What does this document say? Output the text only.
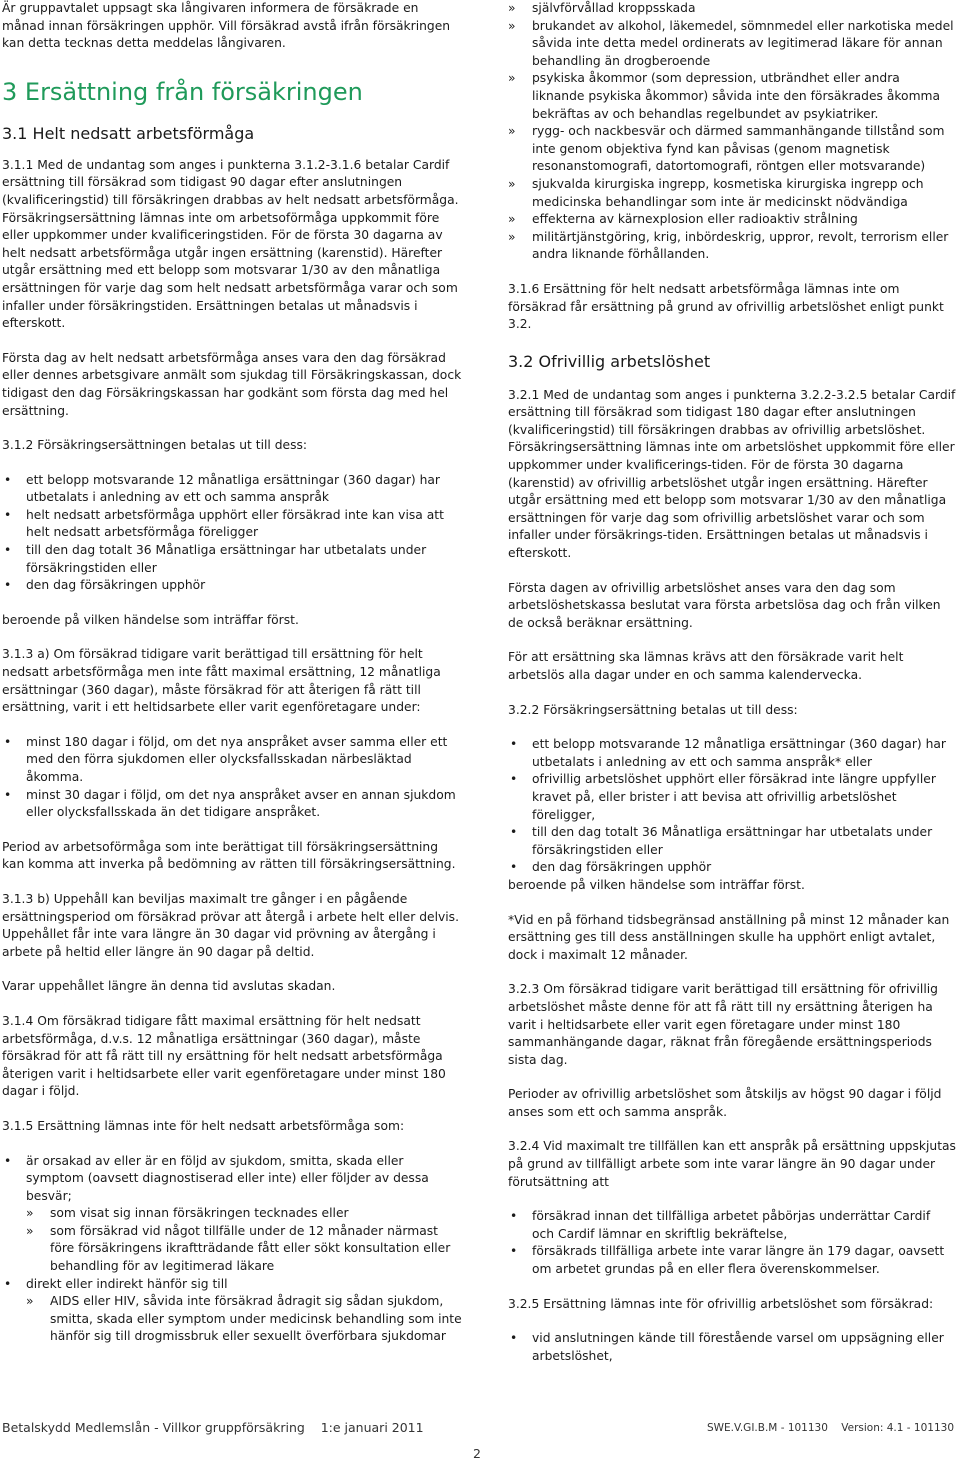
Är gruppavtalet uppsagt ska långivaren informera de försäkrade en månad innan försäkringen upphör. Vill försäkrad avstå ifrån försäkringen kan detta tecknas detta meddelas långivaren.

3 Ersättning från försäkringen
3.1 Helt nedsatt arbetsförmåga

3.1.1 Med de undantag som anges i punkterna 3.1.2-3.1.6 betalar Cardif ersättning till försäkrad som tidigast 90 dagar efter anslutningen (kvalificeringstid) till försäkringen drabbas av helt nedsatt arbetsförmåga. Försäkringsersättning lämnas inte om arbetsoförmåga uppkommit före eller uppkommer under kvalificeringstiden. För de första 30 dagarna av helt nedsatt arbetsförmåga utgår ingen ersättning (karenstid). Härefter utgår ersättning med ett belopp som motsvarar 1/30 av den månatliga ersättningen för varje dag som helt nedsatt arbetsförmåga varar och som infaller under försäkringstiden. Ersättningen betalas ut månadsvis i efterskott.

Första dag av helt nedsatt arbetsförmåga anses vara den dag försäkrad eller dennes arbetsgivare anmält som sjukdag till Försäkringskassan, dock tidigast den dag Försäkringskassan har godkänt som första dag med hel ersättning.

3.1.2 Försäkringsersättningen betalas ut till dess:

• ett belopp motsvarande 12 månatliga ersättningar (360 dagar) har utbetalats i anledning av ett och samma anspråk
• helt nedsatt arbetsförmåga upphört eller försäkrad inte kan visa att helt nedsatt arbetsförmåga föreligger
• till den dag totalt 36 Månatliga ersättningar har utbetalats under försäkringstiden eller
• den dag försäkringen upphör

beroende på vilken händelse som inträffar först.

3.1.3 a) Om försäkrad tidigare varit berättigad till ersättning för helt nedsatt arbetsförmåga men inte fått maximal ersättning, 12 månatliga ersättningar (360 dagar), måste försäkrad för att återigen få rätt till ersättning, varit i ett heltidsarbete eller varit egenföretagare under:

• minst 180 dagar i följd, om det nya anspråket avser samma eller ett med den förra sjukdomen eller olycksfallsskadan närbesläktad åkomma.
• minst 30 dagar i följd, om det nya anspråket avser en annan sjukdom eller olycksfallsskada än det tidigare anspråket.

Period av arbetsoförmåga som inte berättigat till försäkringsersättning kan komma att inverka på bedömning av rätten till försäkringsersättning.

3.1.3 b) Uppehåll kan beviljas maximalt tre gånger i en pågående ersättningsperiod om försäkrad prövar att återgå i arbete helt eller delvis. Uppehållet får inte vara längre än 30 dagar vid prövning av återgång i arbete på heltid eller längre än 90 dagar på deltid.

Varar uppehållet längre än denna tid avslutas skadan.

3.1.4 Om försäkrad tidigare fått maximal ersättning för helt nedsatt arbetsförmåga, d.v.s. 12 månatliga ersättningar (360 dagar), måste försäkrad för att få rätt till ny ersättning för helt nedsatt arbetsförmåga återigen varit i heltidsarbete eller varit egenföretagare under minst 180 dagar i följd.

3.1.5 Ersättning lämnas inte för helt nedsatt arbetsförmåga som:

• är orsakad av eller är en följd av sjukdom, smitta, skada eller symptom (oavsett diagnostiserad eller inte) eller följder av dessa besvär;
» som visat sig innan försäkringen tecknades eller
» som försäkrad vid något tillfälle under de 12 månader närmast före försäkringens ikraftträdande fått eller sökt konsultation eller behandling för av legitimerad läkare
• direkt eller indirekt hänför sig till
» AIDS eller HIV, såvida inte försäkrad ådragit sig sådan sjukdom, smitta, skada eller symptom under medicinsk behandling som inte hänför sig till drogmissbruk eller sexuellt överförbara sjukdomar
» självförvållad kroppsskada
» brukandet av alkohol, läkemedel, sömnmedel eller narkotiska medel såvida inte detta medel ordinerats av legitimerad läkare för annan behandling än drogberoende
» psykiska åkommor (som depression, utbrändhet eller andra liknande psykiska åkommor) såvida inte den försäkrades åkomma bekräftas av och behandlas regelbundet av psykiatriker.
» rygg- och nackbesvär och därmed sammanhängande tillstånd som inte genom objektiva fynd kan påvisas (genom magnetisk resonanstomografi, datortomografi, röntgen eller motsvarande)
» sjukvalda kirurgiska ingrepp, kosmetiska kirurgiska ingrepp och medicinska behandlingar som inte är medicinskt nödvändiga
» effekterna av kärnexplosion eller radioaktiv strålning
» militärtjänstgöring, krig, inbördeskrig, uppror, revolt, terrorism eller andra liknande förhållanden.

3.1.6 Ersättning för helt nedsatt arbetsförmåga lämnas inte om försäkrad får ersättning på grund av ofrivillig arbetslöshet enligt punkt 3.2.

3.2 Ofrivillig arbetslöshet

3.2.1 Med de undantag som anges i punkterna 3.2.2-3.2.5 betalar Cardif ersättning till försäkrad som tidigast 180 dagar efter anslutningen (kvalificeringstid) till försäkringen drabbas av ofrivillig arbetslöshet. Försäkringsersättning lämnas inte om arbetslöshet uppkommit före eller uppkommer under kvalificerings-tiden. För de första 30 dagarna (karenstid) av ofrivillig arbetslöshet utgår ingen ersättning. Härefter utgår ersättning med ett belopp som motsvarar 1/30 av den månatliga ersättningen för varje dag som ofrivillig arbetslöshet varar och som infaller under försäkrings-tiden. Ersättningen betalas ut månadsvis i efterskott.

Första dagen av ofrivillig arbetslöshet anses vara den dag som arbetslöshetskassa beslutat vara första arbetslösa dag och från vilken de också beräknar ersättning.

För att ersättning ska lämnas krävs att den försäkrade varit helt arbetslös alla dagar under en och samma kalendervecka.

3.2.2 Försäkringsersättning betalas ut till dess:

• ett belopp motsvarande 12 månatliga ersättningar (360 dagar) har utbetalats i anledning av ett och samma anspråk* eller
• ofrivillig arbetslöshet upphört eller försäkrad inte längre uppfyller kravet på, eller brister i att bevisa att ofrivillig arbetslöshet föreligger,
• till den dag totalt 36 Månatliga ersättningar har utbetalats under försäkringstiden eller
• den dag försäkringen upphör

beroende på vilken händelse som inträffar först.

*Vid en på förhand tidsbegränsad anställning på minst 12 månader kan ersättning ges till dess anställningen skulle ha upphört enligt avtalet, dock i maximalt 12 månader.

3.2.3 Om försäkrad tidigare varit berättigad till ersättning för ofrivillig arbetslöshet måste denne för att få rätt till ny ersättning återigen ha varit i heltidsarbete eller varit egen företagare under minst 180 sammanhängande dagar, räknat från föregående ersättningsperiods sista dag.

Perioder av ofrivillig arbetslöshet som åtskiljs av högst 90 dagar i följd anses som ett och samma anspråk.

3.2.4 Vid maximalt tre tillfällen kan ett anspråk på ersättning uppskjutas på grund av tillfälligt arbete som inte varar längre än 90 dagar under förutsättning att

• försäkrad innan det tillfälliga arbetet påbörjas underrättar Cardif och Cardif lämnar en skriftlig bekräftelse,
• försäkrads tillfälliga arbete inte varar längre än 179 dagar, oavsett om arbetet grundas på en eller flera överenskommelser.

3.2.5 Ersättning lämnas inte för ofrivillig arbetslöshet som försäkrad:

• vid anslutningen kände till förestående varsel om uppsägning eller arbetslöshet,
Betalskydd Medlemslån - Villkor gruppförsäkring 1:e januari 2011	SWE.V.GI.B.M - 101130 Version: 4.1 - 101130
2
